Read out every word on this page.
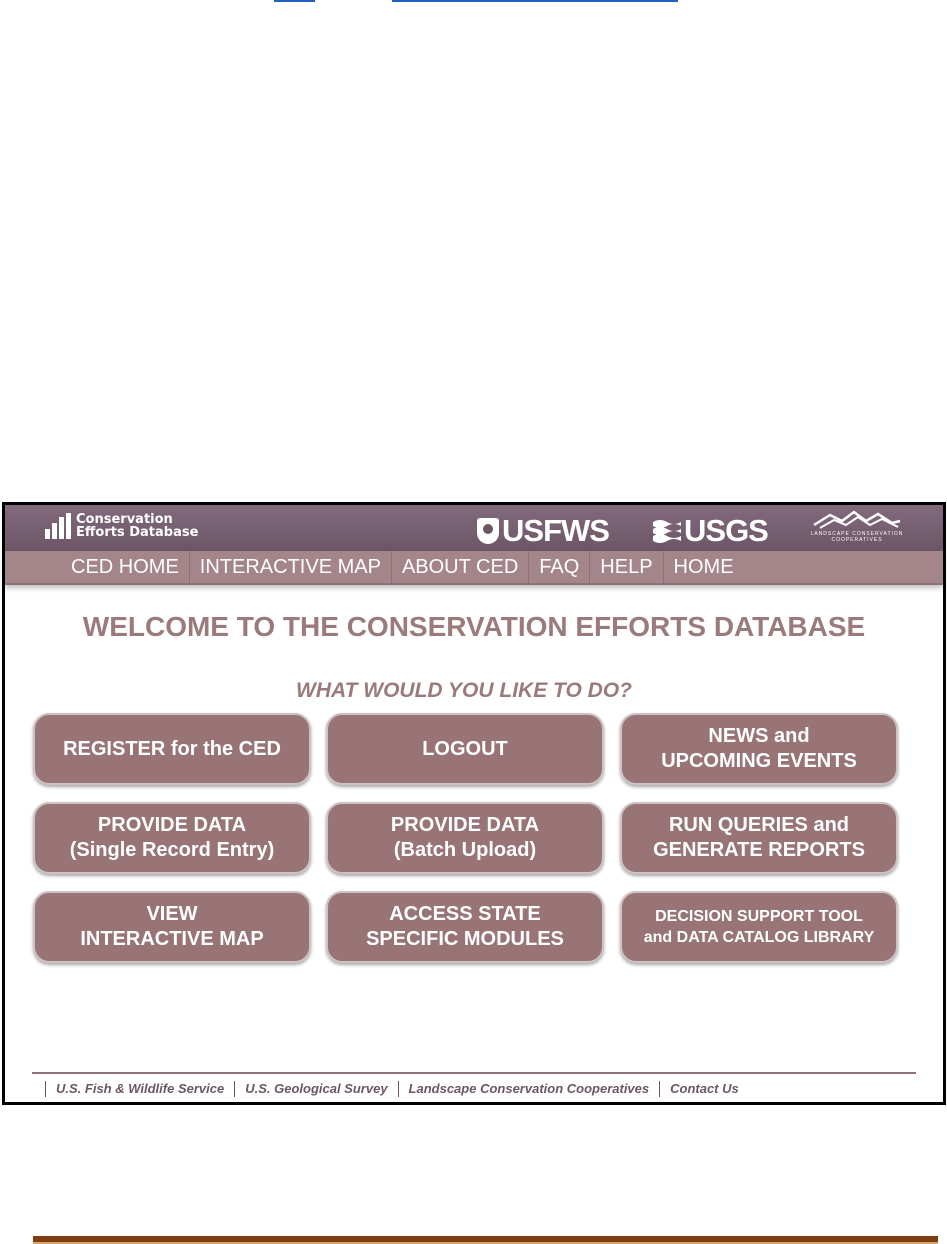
Conservation
Efforts Database	USFWS USGS	LANDSCAPE CONSERVATION
COOPERATIVES
CED HOME	INTERACTIVE MAP	ABOUT CED	FAQ	HELP	HOME
WELCOME TO THE CONSERVATION EFFORTS DATABASE
WHAT WOULD YOU LIKE TO DO?
REGISTER for the CED	LOGOUT
NEWS and
UPCOMING EVENTS
PROVIDE DATA
(Single Record Entry)
PROVIDE DATA
(Batch Upload)
RUN QUERIES and
GENERATE REPORTS
VIEW
INTERACTIVE MAP
ACCESS STATE
SPECIFIC MODULES
DECISION SUPPORT TOOL
and DATA CATALOG LIBRARY
U.S. Fish & Wildlife Service	U.S. Geological Survey	Landscape Conservation Cooperatives	Contact Us
